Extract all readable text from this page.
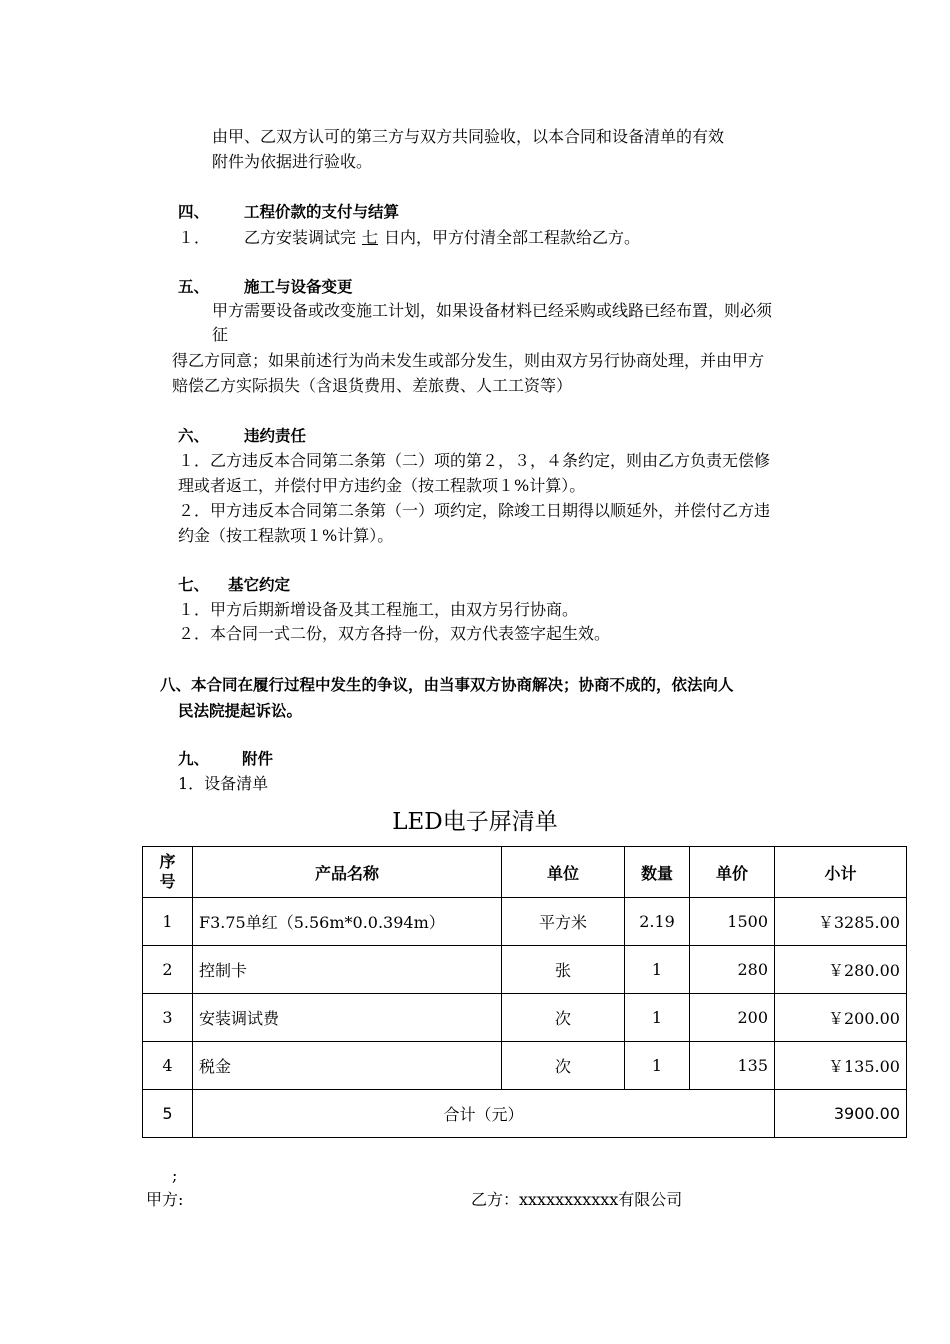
由甲、乙双方认可的第三方与双方共同验收，以本合同和设备清单的有效
附件为依据进行验收。
四、 工程价款的支付与结算
１． 乙方安装调试完 七 日内，甲方付清全部工程款给乙方。
五、 施工与设备变更
甲方需要设备或改变施工计划，如果设备材料已经采购或线路已经布置，则必须
征
得乙方同意；如果前述行为尚未发生或部分发生，则由双方另行协商处理，并由甲方
赔偿乙方实际损失（含退货费用、差旅费、人工工资等）
六、 违约责任
１．乙方违反本合同第二条第（二）项的第２，３，４条约定，则由乙方负责无偿修
理或者返工，并偿付甲方违约金（按工程款项１%计算）。
２．甲方违反本合同第二条第（一）项约定，除竣工日期得以顺延外，并偿付乙方违
约金（按工程款项１%计算）。
七、 基它约定
１．甲方后期新增设备及其工程施工，由双方另行协商。
２．本合同一式二份，双方各持一份，双方代表签字起生效。
八、本合同在履行过程中发生的争议，由当事双方协商解决；协商不成的，依法向人
民法院提起诉讼。
九、 附件
1．设备清单
LED电子屏清单
序号	产品名称	单位	数量	单价	小计
1	F3.75单红（5.56m*0.0.394m）	平方米	2.19	1500	￥3285.00
2	控制卡	张	1	280	￥280.00
3	安装调试费	次	1	200	￥200.00
4	税金	次	1	135	￥135.00
5	合计（元）				3900.00
;
甲方:	乙方：xxxxxxxxxxx有限公司
